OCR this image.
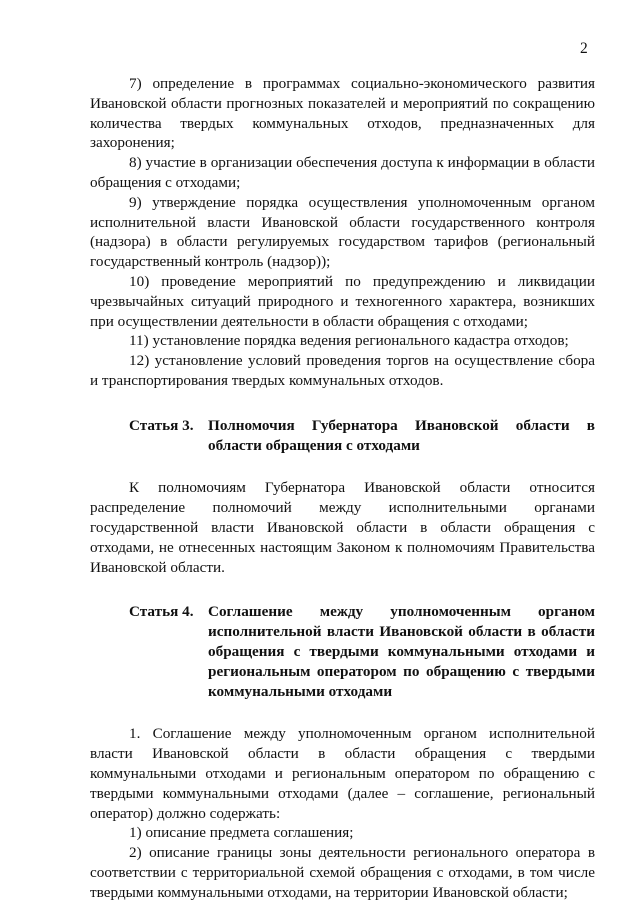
2

7) определение в программах социально-экономического развития Ивановской области прогнозных показателей и мероприятий по сокращению количества твердых коммунальных отходов, предназначенных для захоронения;

8) участие в организации обеспечения доступа к информации в области обращения с отходами;

9) утверждение порядка осуществления уполномоченным органом исполнительной власти Ивановской области государственного контроля (надзора) в области регулируемых государством тарифов (региональный государственный контроль (надзор));

10) проведение мероприятий по предупреждению и ликвидации чрезвычайных ситуаций природного и техногенного характера, возникших при осуществлении деятельности в области обращения с отходами;

11) установление порядка ведения регионального кадастра отходов;

12) установление условий проведения торгов на осуществление сбора и транспортирования твердых коммунальных отходов.

Статья 3. Полномочия Губернатора Ивановской области в области обращения с отходами

К полномочиям Губернатора Ивановской области относится распределение полномочий между исполнительными органами государственной власти Ивановской области в области обращения с отходами, не отнесенных настоящим Законом к полномочиям Правительства Ивановской области.

Статья 4. Соглашение между уполномоченным органом исполнительной власти Ивановской области в области обращения с твердыми коммунальными отходами и региональным оператором по обращению с твердыми коммунальными отходами

1. Соглашение между уполномоченным органом исполнительной власти Ивановской области в области обращения с твердыми коммунальными отходами и региональным оператором по обращению с твердыми коммунальными отходами (далее – соглашение, региональный оператор) должно содержать:

1) описание предмета соглашения;

2) описание границы зоны деятельности регионального оператора в соответствии с территориальной схемой обращения с отходами, в том числе твердыми коммунальными отходами, на территории Ивановской области;
